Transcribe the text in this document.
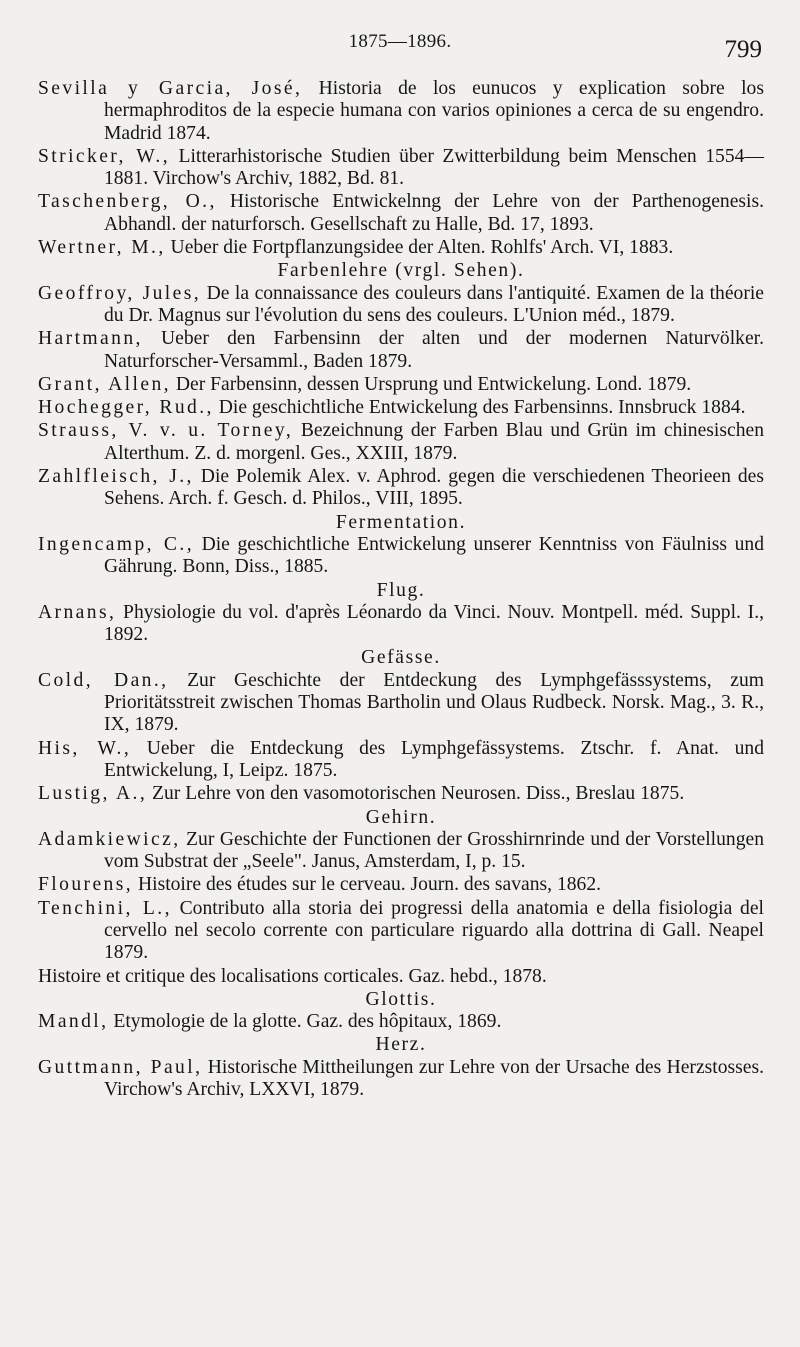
1875—1896.	799
Sevilla y Garcia, José, Historia de los eunucos y explication sobre los hermaphroditos de la especie humana con varios opiniones a cerca de su engendro. Madrid 1874.
Stricker, W., Litterarhistorische Studien über Zwitterbildung beim Menschen 1554—1881. Virchow's Archiv, 1882, Bd. 81.
Taschenberg, O., Historische Entwickelnng der Lehre von der Parthenogenesis. Abhandl. der naturforsch. Gesellschaft zu Halle, Bd. 17, 1893.
Wertner, M., Ueber die Fortpflanzungsidee der Alten. Rohlfs' Arch. VI, 1883.
Farbenlehre (vrgl. Sehen).
Geoffroy, Jules, De la connaissance des couleurs dans l'antiquité. Examen de la théorie du Dr. Magnus sur l'évolution du sens des couleurs. L'Union méd., 1879.
Hartmann, Ueber den Farbensinn der alten und der modernen Naturvölker. Naturforscher-Versamml., Baden 1879.
Grant, Allen, Der Farbensinn, dessen Ursprung und Entwickelung. Lond. 1879.
Hochegger, Rud., Die geschichtliche Entwickelung des Farbensinns. Innsbruck 1884.
Strauss, V. v. u. Torney, Bezeichnung der Farben Blau und Grün im chinesischen Alterthum. Z. d. morgenl. Ges., XXIII, 1879.
Zahlfleisch, J., Die Polemik Alex. v. Aphrod. gegen die verschiedenen Theorieen des Sehens. Arch. f. Gesch. d. Philos., VIII, 1895.
Fermentation.
Ingencamp, C., Die geschichtliche Entwickelung unserer Kenntniss von Fäulniss und Gährung. Bonn, Diss., 1885.
Flug.
Arnans, Physiologie du vol. d'après Léonardo da Vinci. Nouv. Montpell. méd. Suppl. I., 1892.
Gefässe.
Cold, Dan., Zur Geschichte der Entdeckung des Lymphgefässsystems, zum Prioritätsstreit zwischen Thomas Bartholin und Olaus Rudbeck. Norsk. Mag., 3. R., IX, 1879.
His, W., Ueber die Entdeckung des Lymphgefässystems. Ztschr. f. Anat. und Entwickelung, I, Leipz. 1875.
Lustig, A., Zur Lehre von den vasomotorischen Neurosen. Diss., Breslau 1875.
Gehirn.
Adamkiewicz, Zur Geschichte der Functionen der Grosshirnrinde und der Vorstellungen vom Substrat der „Seele". Janus, Amsterdam, I, p. 15.
Flourens, Histoire des études sur le cerveau. Journ. des savans, 1862.
Tenchini, L., Contributo alla storia dei progressi della anatomia e della fisiologia del cervello nel secolo corrente con particulare riguardo alla dottrina di Gall. Neapel 1879.
Histoire et critique des localisations corticales. Gaz. hebd., 1878.
Glottis.
Mandl, Etymologie de la glotte. Gaz. des hôpitaux, 1869.
Herz.
Guttmann, Paul, Historische Mittheilungen zur Lehre von der Ursache des Herzstosses. Virchow's Archiv, LXXVI, 1879.
